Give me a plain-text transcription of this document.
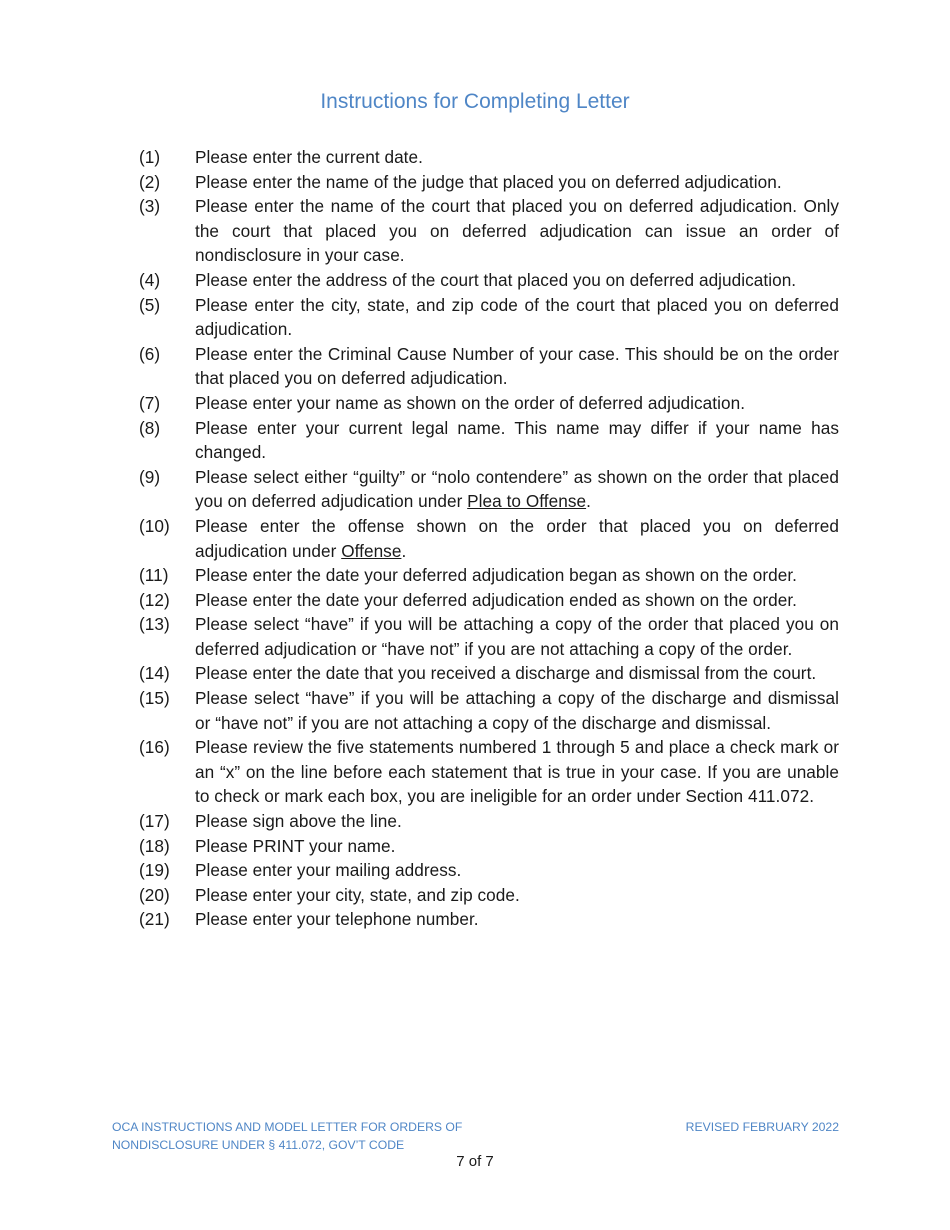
Instructions for Completing Letter
(1)	Please enter the current date.
(2)	Please enter the name of the judge that placed you on deferred adjudication.
(3)	Please enter the name of the court that placed you on deferred adjudication. Only the court that placed you on deferred adjudication can issue an order of nondisclosure in your case.
(4)	Please enter the address of the court that placed you on deferred adjudication.
(5)	Please enter the city, state, and zip code of the court that placed you on deferred adjudication.
(6)	Please enter the Criminal Cause Number of your case. This should be on the order that placed you on deferred adjudication.
(7)	Please enter your name as shown on the order of deferred adjudication.
(8)	Please enter your current legal name. This name may differ if your name has changed.
(9)	Please select either “guilty” or “nolo contendere” as shown on the order that placed you on deferred adjudication under Plea to Offense.
(10)	Please enter the offense shown on the order that placed you on deferred adjudication under Offense.
(11)	Please enter the date your deferred adjudication began as shown on the order.
(12)	Please enter the date your deferred adjudication ended as shown on the order.
(13)	Please select “have” if you will be attaching a copy of the order that placed you on deferred adjudication or “have not” if you are not attaching a copy of the order.
(14)	Please enter the date that you received a discharge and dismissal from the court.
(15)	Please select “have” if you will be attaching a copy of the discharge and dismissal or “have not” if you are not attaching a copy of the discharge and dismissal.
(16)	Please review the five statements numbered 1 through 5 and place a check mark or an “x” on the line before each statement that is true in your case. If you are unable to check or mark each box, you are ineligible for an order under Section 411.072.
(17)	Please sign above the line.
(18)	Please PRINT your name.
(19)	Please enter your mailing address.
(20)	Please enter your city, state, and zip code.
(21)	Please enter your telephone number.
OCA INSTRUCTIONS AND MODEL LETTER FOR ORDERS OF
NONDISCLOSURE UNDER § 411.072, GOV’T CODE
REVISED FEBRUARY 2022
7 of 7
